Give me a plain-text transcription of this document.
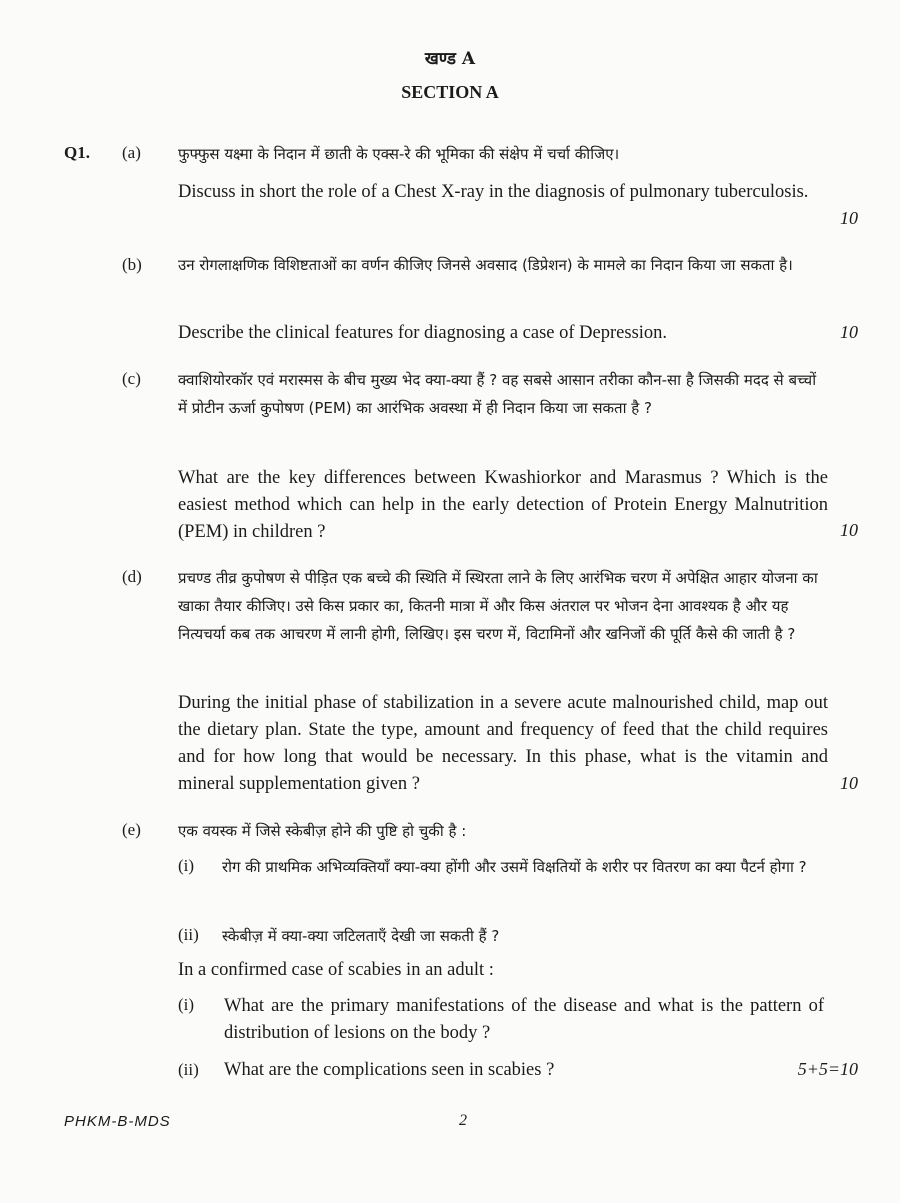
खण्ड A
SECTION A
Q1. (a) फुफ्फुस यक्ष्मा के निदान में छाती के एक्स-रे की भूमिका की संक्षेप में चर्चा कीजिए।
Discuss in short the role of a Chest X-ray in the diagnosis of pulmonary tuberculosis.
10
(b) उन रोगलाक्षणिक विशिष्टताओं का वर्णन कीजिए जिनसे अवसाद (डिप्रेशन) के मामले का निदान किया जा सकता है।
Describe the clinical features for diagnosing a case of Depression.	10
(c) क्वाशियोरकॉर एवं मरास्मस के बीच मुख्य भेद क्या-क्या हैं ? वह सबसे आसान तरीका कौन-सा है जिसकी मदद से बच्चों में प्रोटीन ऊर्जा कुपोषण (PEM) का आरंभिक अवस्था में ही निदान किया जा सकता है ?
What are the key differences between Kwashiorkor and Marasmus ? Which is the easiest method which can help in the early detection of Protein Energy Malnutrition (PEM) in children ?	10
(d) प्रचण्ड तीव्र कुपोषण से पीड़ित एक बच्चे की स्थिति में स्थिरता लाने के लिए आरंभिक चरण में अपेक्षित आहार योजना का खाका तैयार कीजिए। उसे किस प्रकार का, कितनी मात्रा में और किस अंतराल पर भोजन देना आवश्यक है और यह नित्यचर्या कब तक आचरण में लानी होगी, लिखिए। इस चरण में, विटामिनों और खनिजों की पूर्ति कैसे की जाती है ?
During the initial phase of stabilization in a severe acute malnourished child, map out the dietary plan. State the type, amount and frequency of feed that the child requires and for how long that would be necessary. In this phase, what is the vitamin and mineral supplementation given ?	10
(e) एक वयस्क में जिसे स्केबीज़ होने की पुष्टि हो चुकी है :
(i) रोग की प्राथमिक अभिव्यक्तियाँ क्या-क्या होंगी और उसमें विक्षतियों के शरीर पर वितरण का क्या पैटर्न होगा ?
(ii) स्केबीज़ में क्या-क्या जटिलताएँ देखी जा सकती हैं ?
In a confirmed case of scabies in an adult :
(i) What are the primary manifestations of the disease and what is the pattern of distribution of lesions on the body ?
(ii) What are the complications seen in scabies ?	5+5=10
PHKM-B-MDS	2
